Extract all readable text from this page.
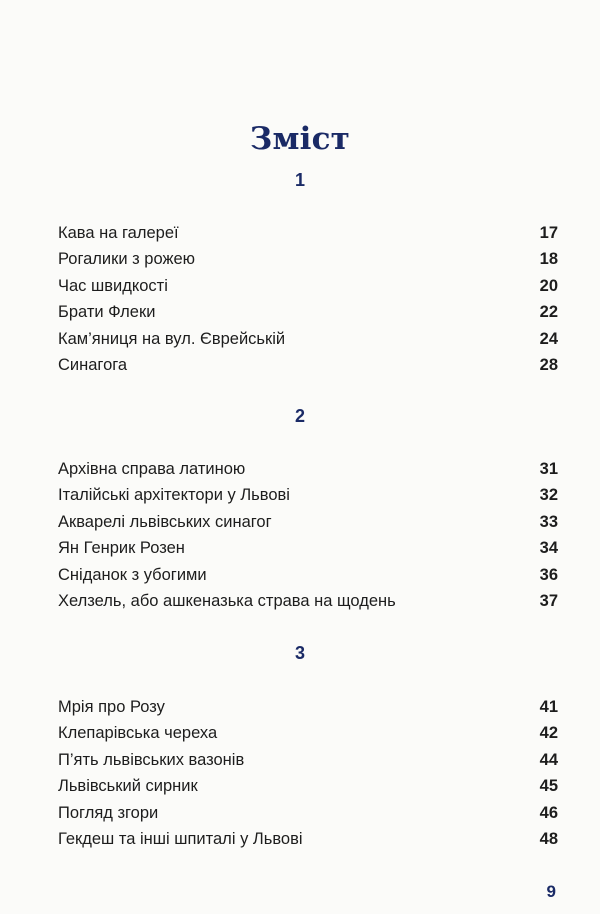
Зміст
1
Кава на галереї	17
Рогалики з рожею	18
Час швидкості	20
Брати Флеки	22
Кам’яниця на вул. Єврейській	24
Синагога	28
2
Архівна справа латиною	31
Італійські архітектори у Львові	32
Акварелі львівських синагог	33
Ян Генрик Розен	34
Сніданок з убогими	36
Хелзель, або ашкеназька страва на щодень	37
3
Мрія про Розу	41
Клепарівська череха	42
П’ять львівських вазонів	44
Львівський сирник	45
Погляд згори	46
Гекдеш та інші шпиталі у Львові	48
9
